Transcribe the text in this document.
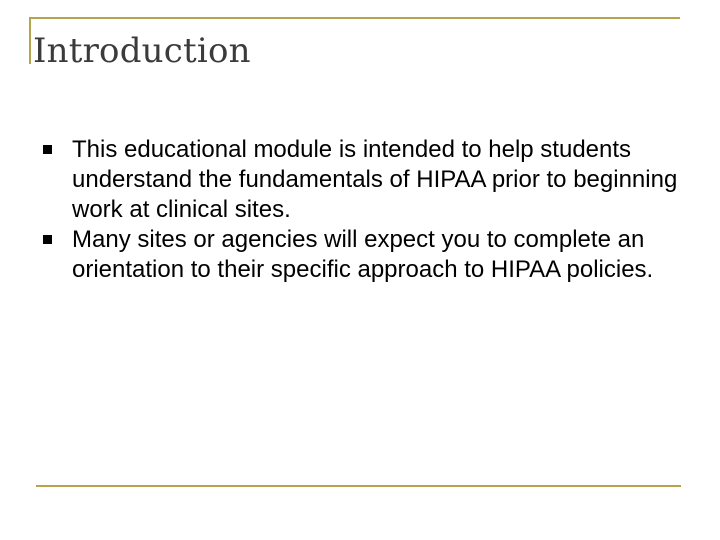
Introduction
This educational module is intended to help students understand the fundamentals of HIPAA prior to beginning work at clinical sites.
Many sites or agencies will expect you to complete an orientation to their specific approach to HIPAA policies.
